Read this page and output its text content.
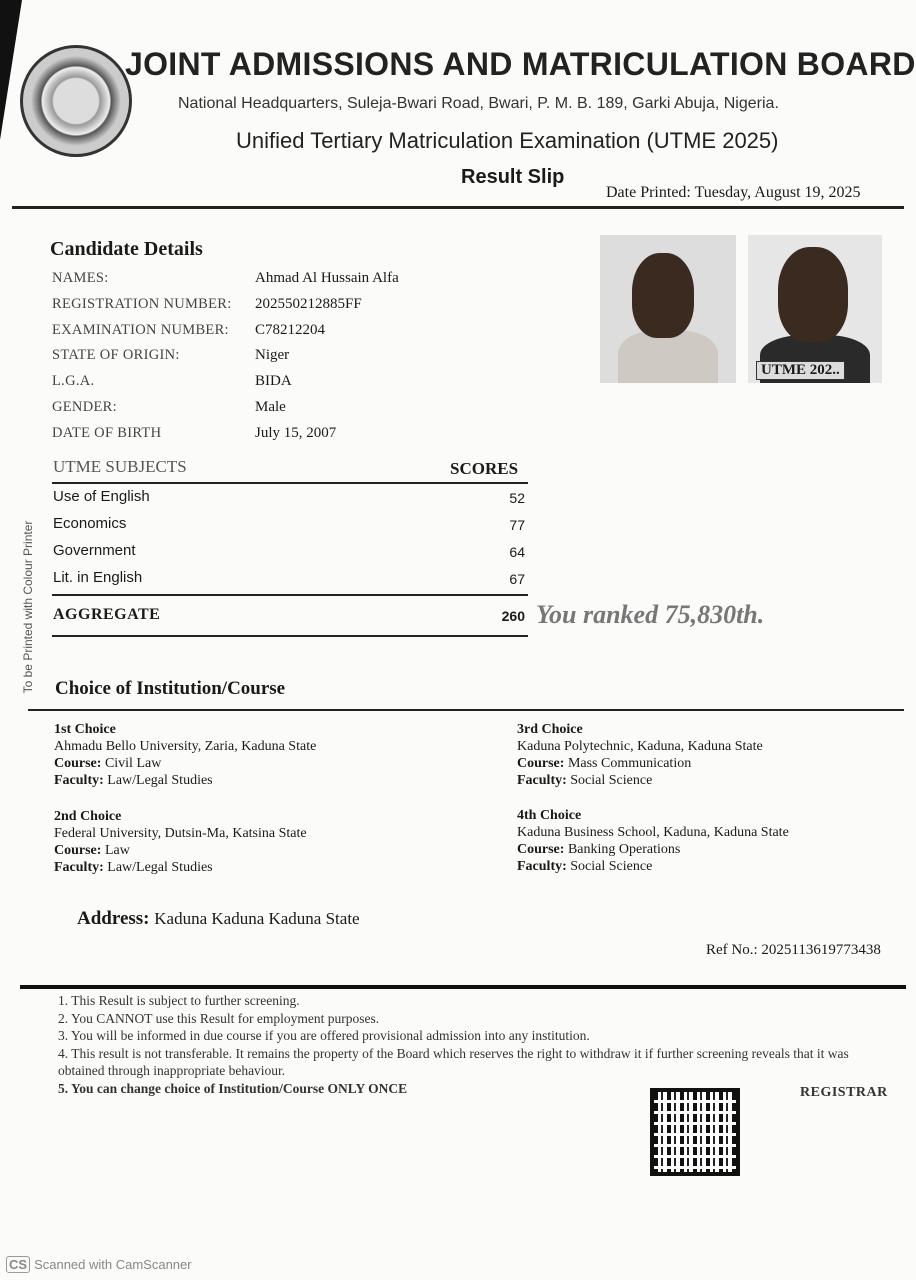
JOINT ADMISSIONS AND MATRICULATION BOARD
National Headquarters, Suleja-Bwari Road, Bwari, P. M. B. 189, Garki Abuja, Nigeria.
Unified Tertiary Matriculation Examination (UTME 2025)
Result Slip
Date Printed: Tuesday, August 19, 2025
Candidate Details
NAMES:	Ahmad Al Hussain Alfa
REGISTRATION NUMBER: 202550212885FF
EXAMINATION NUMBER: C78212204
STATE OF ORIGIN:	Niger
L.G.A.	BIDA
GENDER:	Male
DATE OF BIRTH	July 15, 2007
UTME 202..
UTME SUBJECTS	SCORES
Use of English	52
Economics	77
Government	64
Lit. in English	67
AGGREGATE	260 You ranked 75,830th.
Choice of Institution/Course
1st Choice
Ahmadu Bello University, Zaria, Kaduna State
Course: Civil Law
Faculty: Law/Legal Studies
2nd Choice
Federal University, Dutsin-Ma, Katsina State
Course: Law
Faculty: Law/Legal Studies
3rd Choice
Kaduna Polytechnic, Kaduna, Kaduna State
Course: Mass Communication
Faculty: Social Science
4th Choice
Kaduna Business School, Kaduna, Kaduna State
Course: Banking Operations
Faculty: Social Science
Address: Kaduna Kaduna Kaduna State
Ref No.: 2025113619773438
1. This Result is subject to further screening.
2. You CANNOT use this Result for employment purposes.
3. You will be informed in due course if you are offered provisional admission into any institution.
4. This result is not transferable. It remains the property of the Board which reserves the right to withdraw it if further screening reveals that it was obtained through inappropriate behaviour.
5. You can change choice of Institution/Course ONLY ONCE	REGISTRAR
To be Printed with Colour Printer
CS Scanned with CamScanner
